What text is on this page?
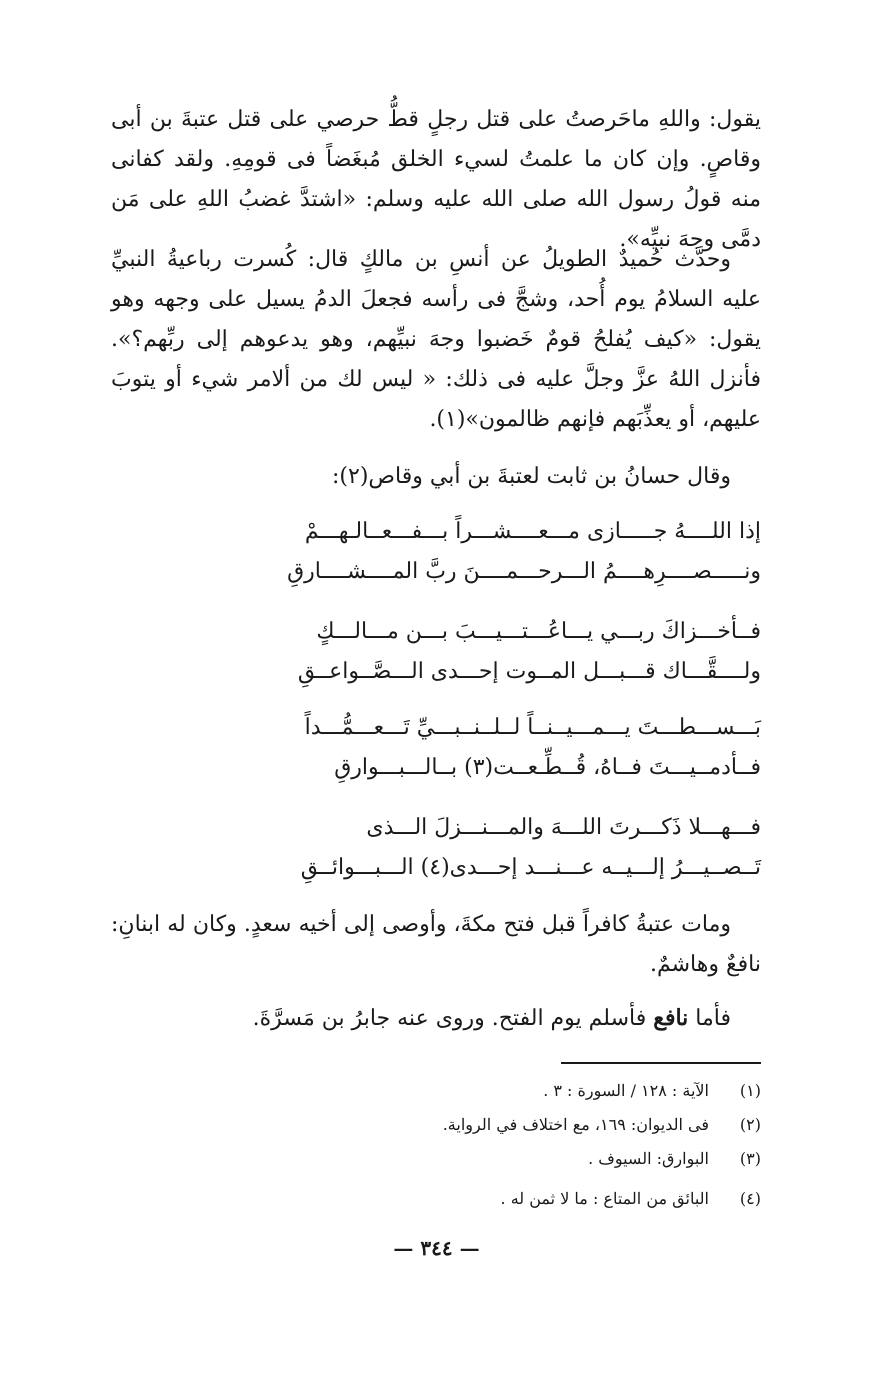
يقول: واللهِ ماحَرصتُ على قتل رجلٍ قطُّ حرصي على قتل عتبةَ بن أبى وقاصٍ. وإن كان ما علمتُ لسيء الخلق مُبغَضاً فى قومِهِ. ولقد كفانى منه قولُ رسول الله صلى الله عليه وسلم: «اشتدَّ غضبُ اللهِ على مَن دمَّى وجهَ نبيِّه».

وحدَّث حُميدٌ الطويلُ عن أنسِ بن مالكٍ قال: كُسرت رباعيةُ النبيِّ عليه السلامُ يوم أُحد، وشجَّ فى رأسه فجعلَ الدمُ يسيل على وجهه وهو يقول: «كيف يُفلحُ قومٌ خَضبوا وجهَ نبيِّهم، وهو يدعوهم إلى ربِّهم؟». فأنزل اللهُ عزَّ وجلَّ عليه فى ذلك: « ليس لك من ألامر شيء أو يتوبَ عليهم، أو يعذِّبَهم فإنهم ظالمون»(١).

وقال حسانُ بن ثابت لعتبةَ بن أبي وقاص(٢):

إذا اللــــهُ جـــــازى مـــعــــشـــراً بـــفـــعــالـهـــمْ
ونـــــصــــرِهــــمُ الـــرحـــمــــنَ ربَّ المــــشــــارقِ
فــأخـــزاكَ ربـــي يـــاعُـــتـــيـــبَ بـــن مـــالـــكٍ
ولــــقَّـــاك قـــبـــل المــوت إحـــدى الـــصَّــواعــقِ
بَـــســـطـــتَ يـــمـــيــنــاً لــلــنــبـــيِّ تَـــعـــمُّـــداً
فــأدمــيـــتَ فــاهُ، قُــطِّـعــت(٣) بــالـــبـــوارقِ
فـــهـــلا ذَكـــرتَ اللـــهَ والمـــنـــزلَ الـــذى
تَــصــيـــرُ إلـــيــه عـــنـــد إحـــدى(٤) الـــبـــوائــقِ

ومات عتبةُ كافراً قبل فتح مكةَ، وأوصى إلى أخيه سعدٍ. وكان له ابنانِ: نافعٌ وهاشمٌ.

فأما نافع فأسلم يوم الفتح. وروى عنه جابرُ بن مَسرَّةَ.

(١)
الآية : ١٢٨ / السورة : ٣ .
(٢)
فى الديوان: ١٦٩، مع اختلاف في الرواية.
(٣)
البوارق: السيوف .
(٤)
البائق من المتاع : ما لا ثمن له .
— ٣٤٤ —
